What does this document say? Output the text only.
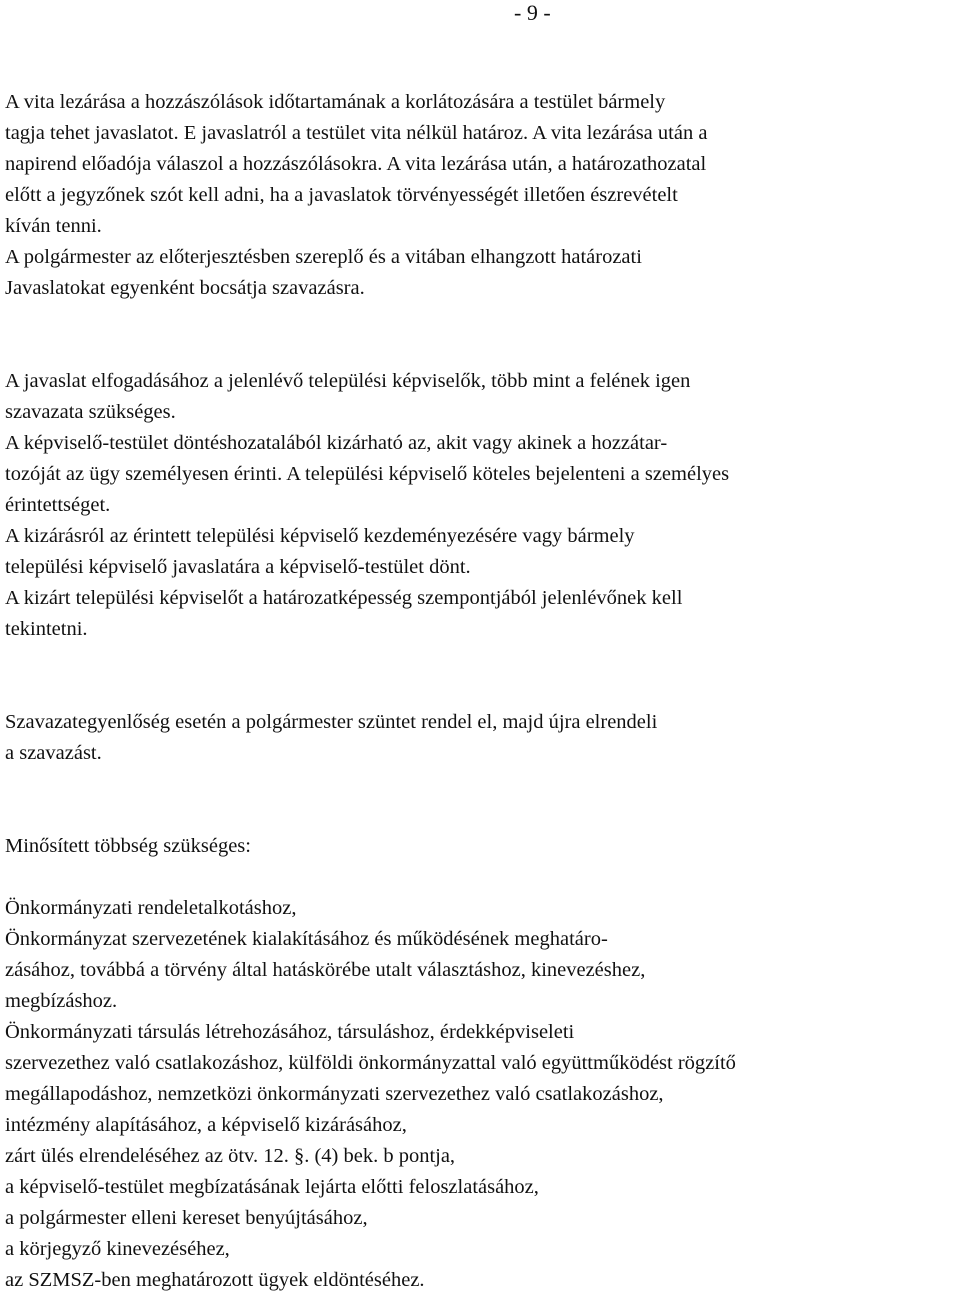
- 9 -
A vita lezárása a hozzászólások időtartamának a korlátozására a testület bármely
tagja tehet javaslatot. E javaslatról a testület vita nélkül határoz. A vita lezárása után a
napirend előadója válaszol a hozzászólásokra. A vita lezárása után, a határozathozatal
előtt a jegyzőnek szót kell adni, ha a javaslatok törvényességét illetően észrevételt
kíván tenni.
A polgármester az előterjesztésben szereplő és a vitában elhangzott határozati
Javaslatokat egyenként bocsátja szavazásra.
A javaslat elfogadásához a jelenlévő települési képviselők, több mint a felének igen
szavazata szükséges.
A képviselő-testület döntéshozatalából kizárható az, akit vagy akinek a hozzátar-
tozóját az ügy személyesen érinti. A települési képviselő köteles bejelenteni a személyes
érintettséget.
A kizárásról az érintett települési képviselő kezdeményezésére vagy bármely
települési képviselő javaslatára a képviselő-testület dönt.
A kizárt települési képviselőt a határozatképesség szempontjából jelenlévőnek kell
tekintetni.
Szavazategyenlőség esetén a polgármester szüntet rendel el, majd újra elrendeli
a szavazást.
Minősített többség szükséges:
Önkormányzati rendeletalkotáshoz,
Önkormányzat szervezetének kialakításához és működésének meghatáro-
zásához, továbbá a törvény által hatáskörébe utalt választáshoz, kinevezéshez,
megbízáshoz.
Önkormányzati társulás létrehozásához, társuláshoz, érdekképviseleti
szervezethez való csatlakozáshoz, külföldi önkormányzattal való együttműködést rögzítő
megállapodáshoz, nemzetközi önkormányzati szervezethez való csatlakozáshoz,
intézmény alapításához, a képviselő kizárásához,
zárt ülés elrendeléséhez az ötv. 12. §. (4) bek. b pontja,
a képviselő-testület megbízatásának lejárta előtti feloszlatásához,
a polgármester elleni kereset benyújtásához,
a körjegyző kinevezéséhez,
az SZMSZ-ben meghatározott ügyek eldöntéséhez.
